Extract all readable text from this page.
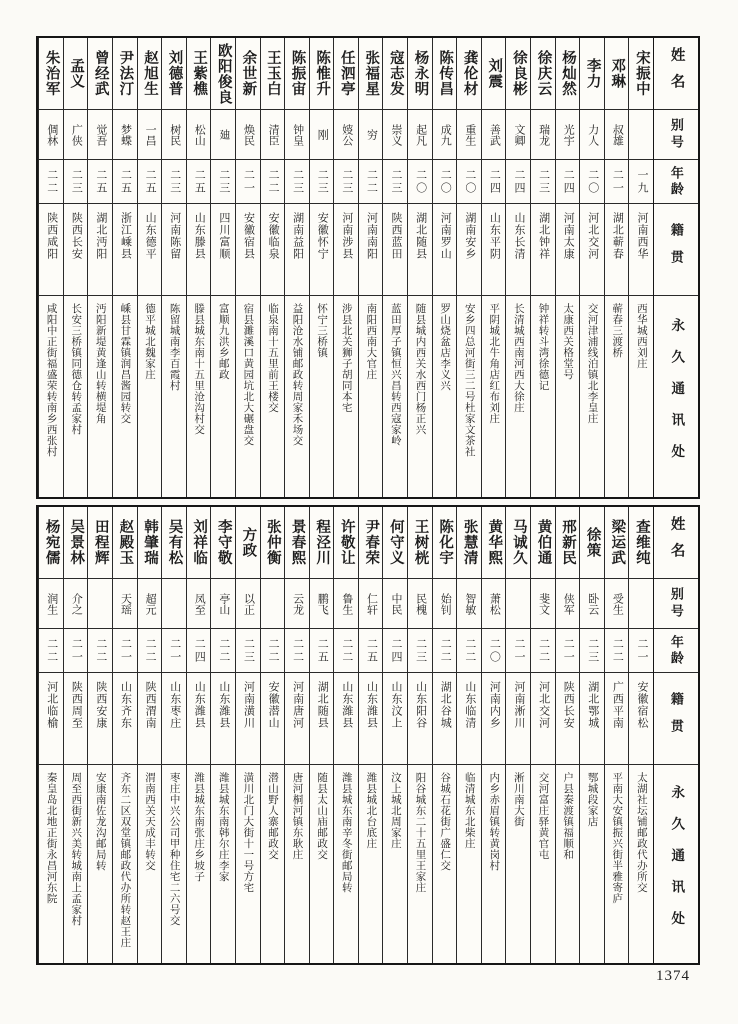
宋振中
一九
河南西华
西华城西刘庄
邓琳
叔雄
二一
湖北蕲春
蕲春三渡桥
李力
力人
二〇
河北交河
交河津浦线泊镇北李皇庄
杨灿然
光宇
二四
河南太康
太康西关格堂号
徐庆云
瑞龙
二三
湖北钟祥
钟祥转斗湾徐德记
徐良彬
文卿
二四
山东长清
长清城西南河西大徐庄
刘震
善武
二四
山东平阴
平阴城北牛角店红布刘庄
龚伦材
重生
二〇
湖南安乡
安乡四总河街三二号杜家文茶社
陈传昌
成九
二〇
河南罗山
罗山烧盆店李义兴
杨永明
起凡
二〇
湖北随县
随县城内西关水西门杨正兴
寇志发
崇义
二三
陕西蓝田
蓝田厚子镇恒兴昌转西寇家岭
张福星
穷
二二
河南南阳
南阳西南大官庄
任泗亭
㛮公
二三
河南涉县
涉县北关狮子胡同本宅
陈惟升
刚
二三
安徽怀宁
怀宁三桥镇
陈振宙
钟皇
二三
湖南益阳
益阳沧水铺邮政转周家禾场交
王玉白
清臣
二二
安徽临泉
临泉南十五里前王楼交
余世新
焕民
二一
安徽宿县
宿县濉溪口黄园坑北大碾盘交
欧阳俊良
廸
二三
四川富顺
富顺九洪乡邮政
王紫樵
松山
二五
山东滕县
滕县城东南十五里沧沟村交
刘德普
树民
二三
河南陈留
陈留城南李百霞村
赵旭生
一昌
二五
山东德平
德平城北魏家庄
尹法汀
梦蝶
二五
浙江嵊县
嵊县甘霖镇润昌酱园转交
曾经武
觉吾
二五
湖北沔阳
沔阳新堤黄逢山转横堤角
孟义
广侠
二三
陕西长安
长安三桥镇同德仓转孟家村
朱治军
倜林
二二
陕西咸阳
咸阳中正街福盛荣转南乡西张村
姓名
别号
年龄
籍贯
永久通讯处
查维纯
二一
安徽宿松
太湖社坛铺邮政代办所交
梁运武
受生
二二
广西平南
平南大安镇振兴街半雅寄庐
徐策
卧云
二三
湖北鄂城
鄂城段家店
邢新民
侠军
二一
陕西长安
户县秦渡镇福顺和
黄伯通
斐文
二二
河北交河
交河富庄驿黄官屯
马诚久
二一
河南淅川
淅川南大街
黄华熙
萧松
二〇
河南内乡
内乡赤眉镇转黄岗村
张慧清
智敏
二二
山东临清
临清城东北柴庄
陈化宇
始钊
二二
湖北谷城
谷城石花街广盛仁交
王树桄
民槐
二三
山东阳谷
阳谷城东二十五里王家庄
何守义
中民
二四
山东汶上
汶上城北周家庄
尹春荣
仁轩
二五
山东潍县
潍县城北台底庄
许敬让
鲁生
二二
山东潍县
潍县城东南辛冬街邮局转
程泾川
鹏飞
二五
湖北随县
随县太山庙邮政交
景春熙
云龙
二二
河南唐河
唐河桐河镇东耿庄
张仲衡
二二
安徽潜山
潜山野人寨邮政交
方政
以正
二三
河南潢川
潢川北门大街十一号方宅
李守敬
亭山
二二
山东潍县
潍县城东南韩尔庄李家
刘祥临
凤至
二四
山东潍县
潍县城东南张庄乡坡子
吴有松
二一
山东枣庄
枣庄中兴公司甲种住宅二六号交
韩肇瑞
超元
二二
陕西渭南
渭南西关天成丰转交
赵殿玉
天瑶
二一
山东齐东
齐东二区双堂镇邮政代办所转赵王庄
田程辉
二二
陕西安康
安康南佐龙沟邮局转
吴景林
介之
二一
陕西周至
周至西街新兴美转城南上孟家村
杨宛儒
润生
二二
河北临榆
秦皇岛北地正街永昌河东院
姓名
别号
年龄
籍贯
永久通讯处
1374
